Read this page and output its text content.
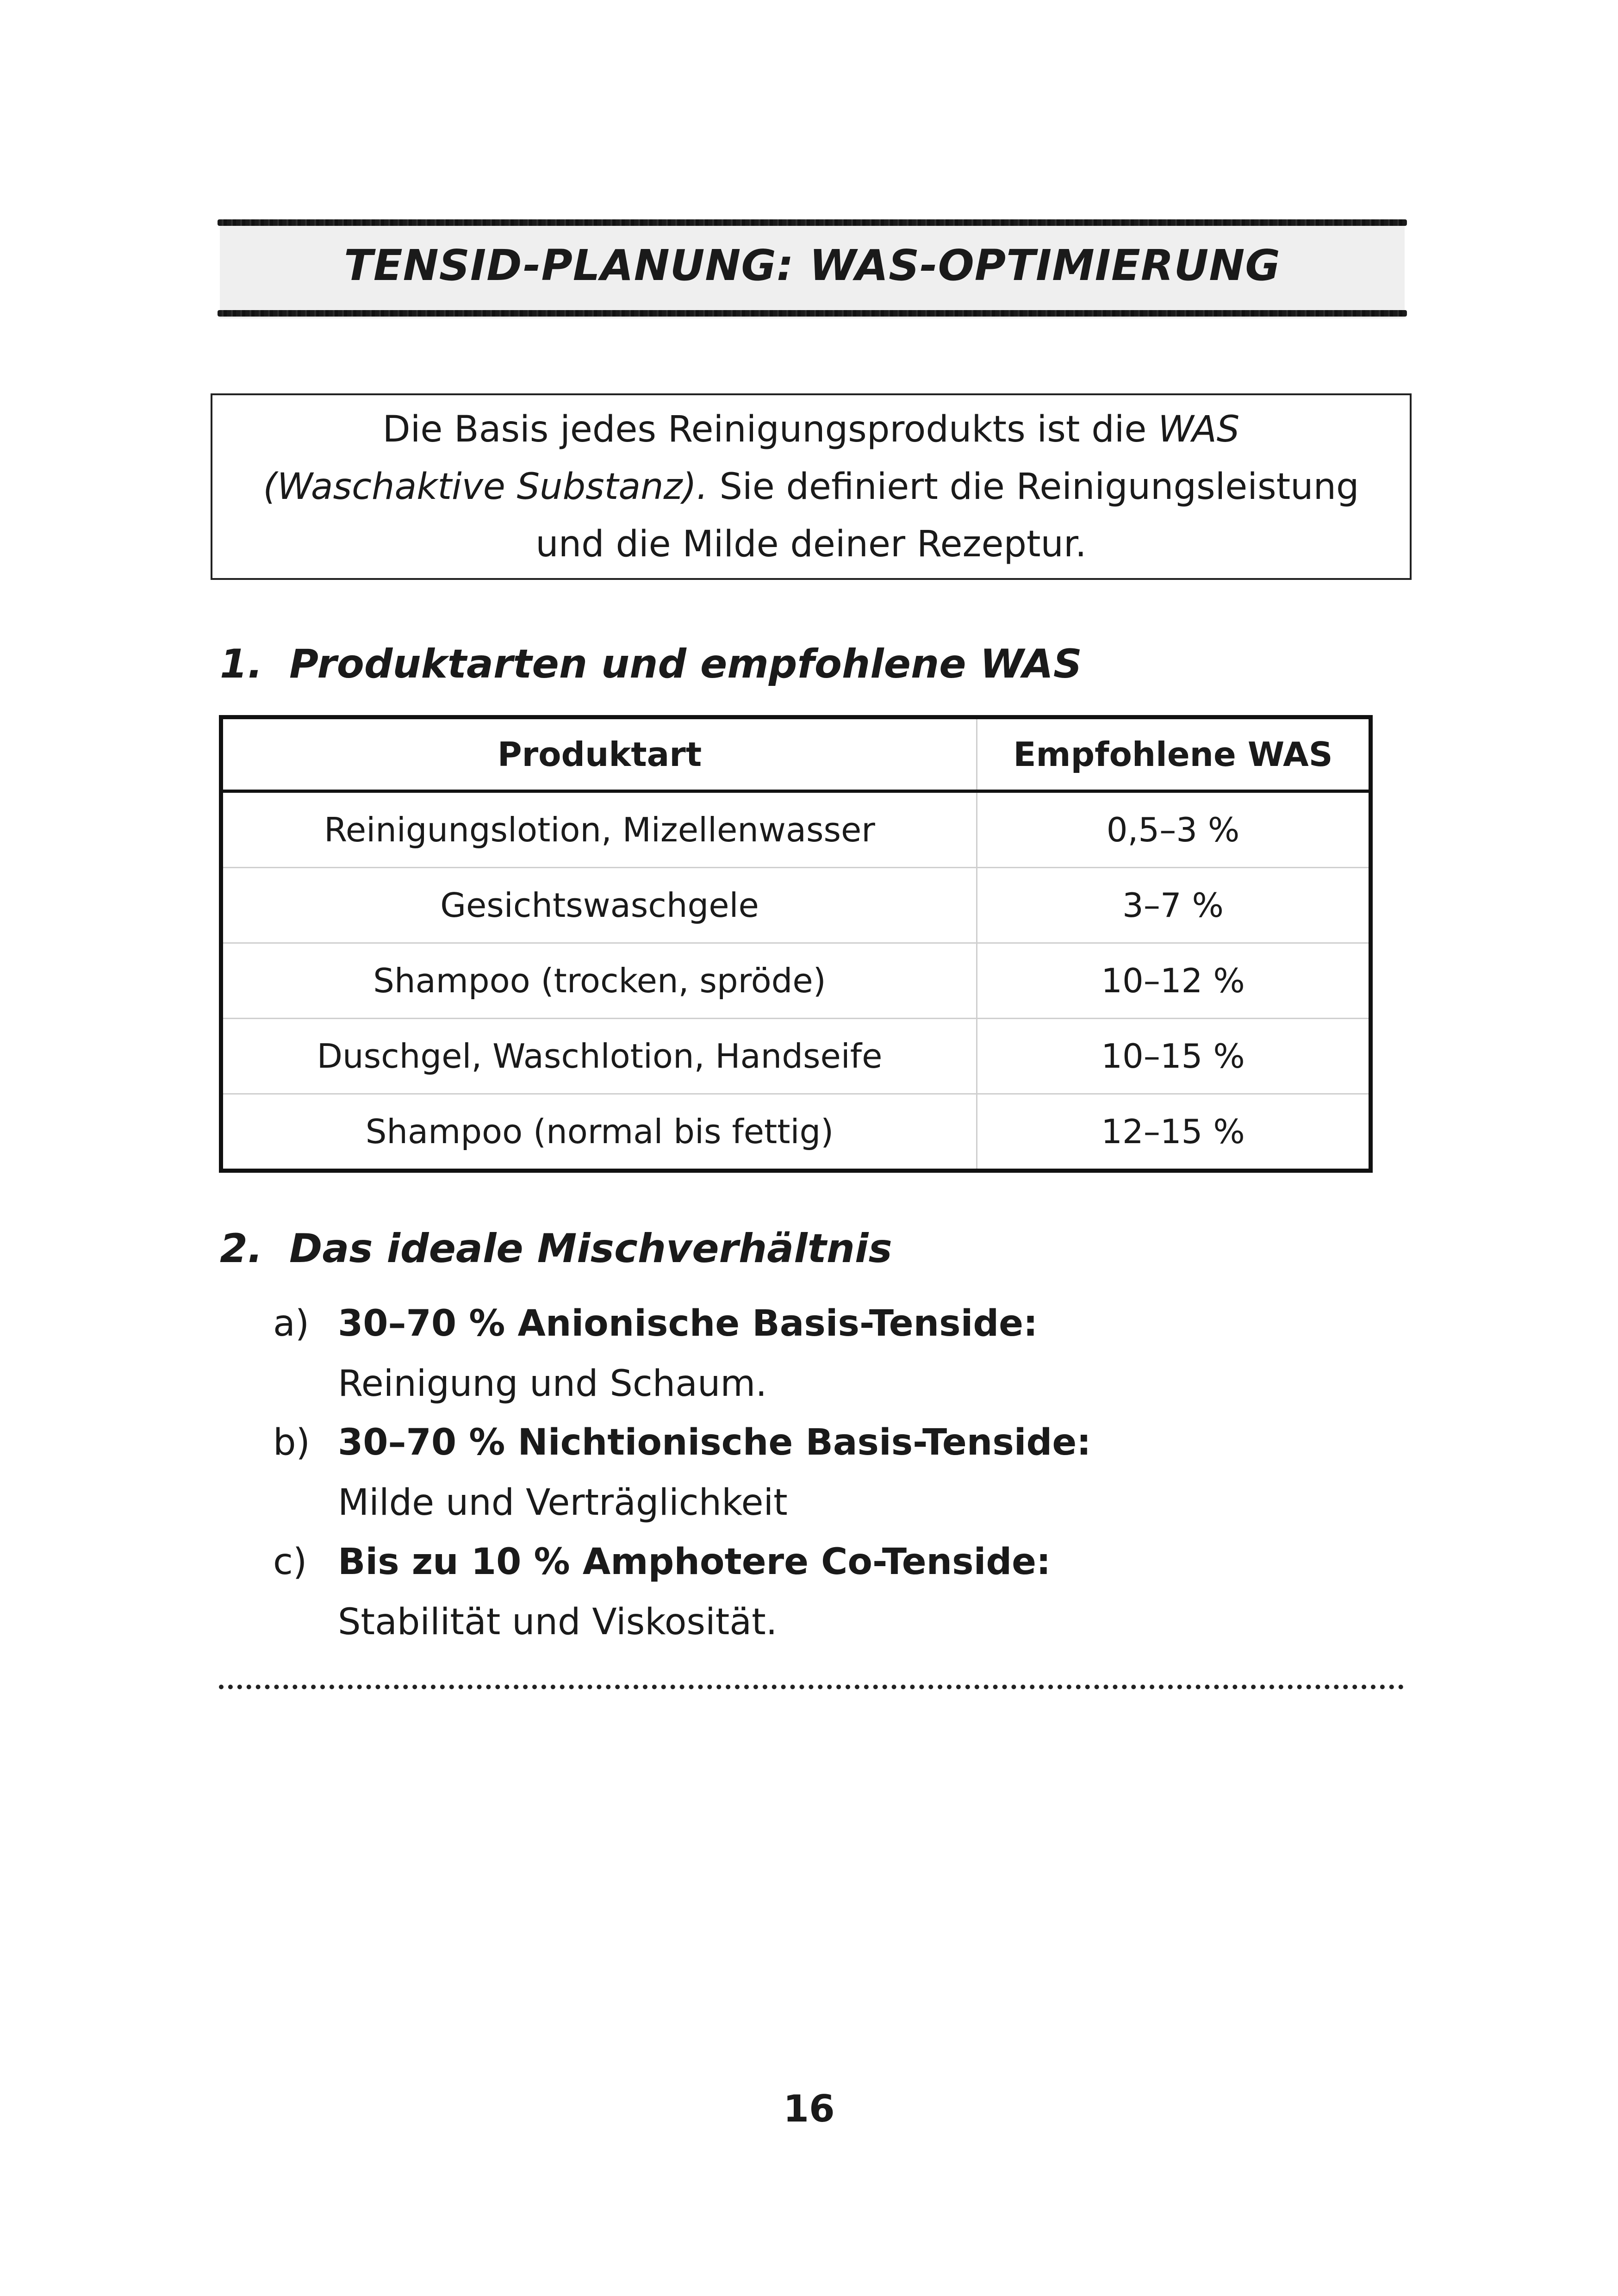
TENSID-PLANUNG: WAS-OPTIMIERUNG
Die Basis jedes Reinigungsprodukts ist die WAS
(Waschaktive Substanz). Sie definiert die Reinigungsleistung
und die Milde deiner Rezeptur.
1. Produktarten und empfohlene WAS
Produktart	Empfohlene WAS
Reinigungslotion, Mizellenwasser	0,5–3 %
Gesichtswaschgele	3–7 %
Shampoo (trocken, spröde)	10–12 %
Duschgel, Waschlotion, Handseife	10–15 %
Shampoo (normal bis fettig)	12–15 %
2. Das ideale Mischverhältnis
a) 30–70 % Anionische Basis-Tenside:
Reinigung und Schaum.
b) 30–70 % Nichtionische Basis-Tenside:
Milde und Verträglichkeit
c) Bis zu 10 % Amphotere Co-Tenside:
Stabilität und Viskosität.
16
